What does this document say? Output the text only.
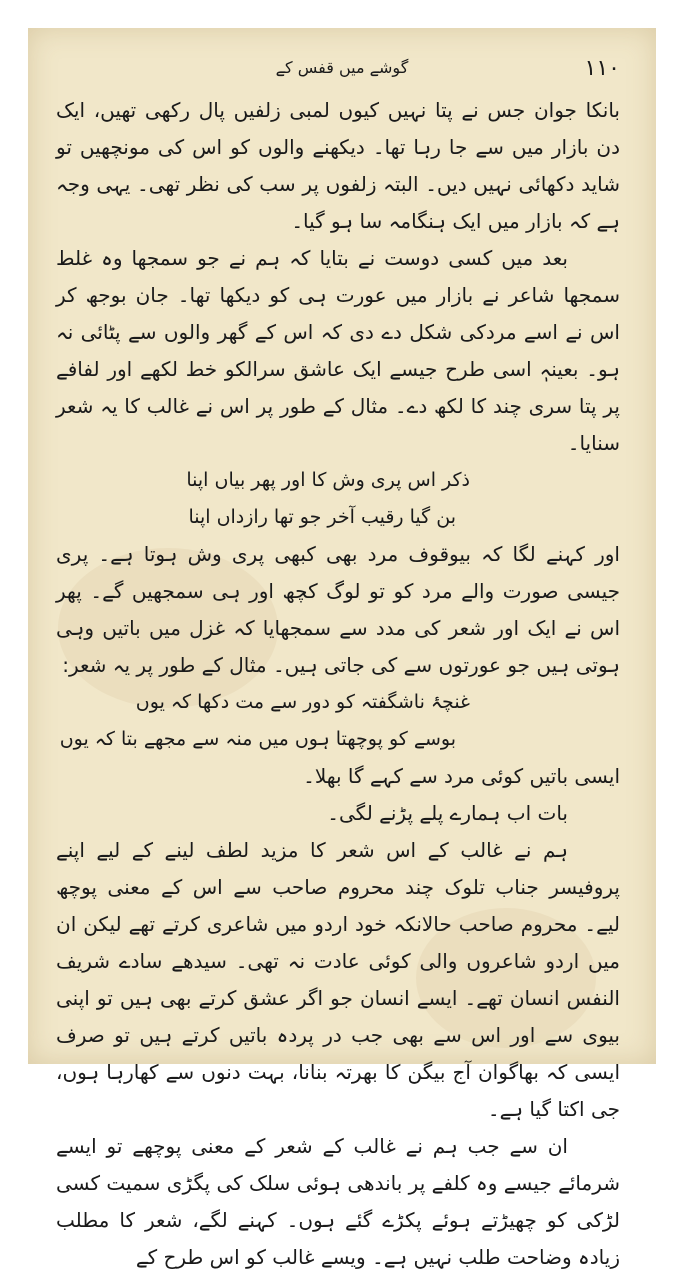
١١٠
گوشے میں قفس کے

بانکا جوان جس نے پتا نہیں کیوں لمبی زلفیں پال رکھی تھیں، ایک دن بازار میں سے جا رہا تھا۔ دیکھنے والوں کو اس کی مونچھیں تو شاید دکھائی نہیں دیں۔ البتہ زلفوں پر سب کی نظر تھی۔ یہی وجہ ہے کہ بازار میں ایک ہنگامہ سا ہو گیا۔

بعد میں کسی دوست نے بتایا کہ ہم نے جو سمجھا وہ غلط سمجھا شاعر نے بازار میں عورت ہی کو دیکھا تھا۔ جان بوجھ کر اس نے اسے مردکی شکل دے دی کہ اس کے گھر والوں سے پٹائی نہ ہو۔ بعینہٖ اسی طرح جیسے ایک عاشق سرالکو خط لکھے اور لفافے پر پتا سری چند کا لکھ دے۔ مثال کے طور پر اس نے غالب کا یہ شعر سنایا۔

ذکر اس پری وش کا اور پھر بیاں اپنا
بن گیا رقیب آخر جو تھا رازداں اپنا

اور کہنے لگا کہ بیوقوف مرد بھی کبھی پری وش ہوتا ہے۔ پری جیسی صورت والے مرد کو تو لوگ کچھ اور ہی سمجھیں گے۔ پھر اس نے ایک اور شعر کی مدد سے سمجھایا کہ غزل میں باتیں وہی ہوتی ہیں جو عورتوں سے کی جاتی ہیں۔ مثال کے طور پر یہ شعر:

غنچۂ ناشگفتہ کو دور سے مت دکھا کہ یوں
بوسے کو پوچھتا ہوں میں منہ سے مجھے بتا کہ یوں

ایسی باتیں کوئی مرد سے کہے گا بھلا۔

بات اب ہمارے پلے پڑنے لگی۔

ہم نے غالب کے اس شعر کا مزید لطف لینے کے لیے اپنے پروفیسر جناب تلوک چند محروم صاحب سے اس کے معنی پوچھ لیے۔ محروم صاحب حالانکہ خود اردو میں شاعری کرتے تھے لیکن ان میں اردو شاعروں والی کوئی عادت نہ تھی۔ سیدھے سادے شریف النفس انسان تھے۔ ایسے انسان جو اگر عشق کرتے بھی ہیں تو اپنی بیوی سے اور اس سے بھی جب در پردہ باتیں کرتے ہیں تو صرف ایسی کہ بھاگوان آج بیگن کا بھرتہ بنانا، بہت دنوں سے کھارہا ہوں، جی اکتا گیا ہے۔

ان سے جب ہم نے غالب کے شعر کے معنی پوچھے تو ایسے شرمائے جیسے وہ کلفے پر باندھی ہوئی سلک کی پگڑی سمیت کسی لڑکی کو چھیڑتے ہوئے پکڑے گئے ہوں۔ کہنے لگے، شعر کا مطلب زیادہ وضاحت طلب نہیں ہے۔ ویسے غالب کو اس طرح کے
